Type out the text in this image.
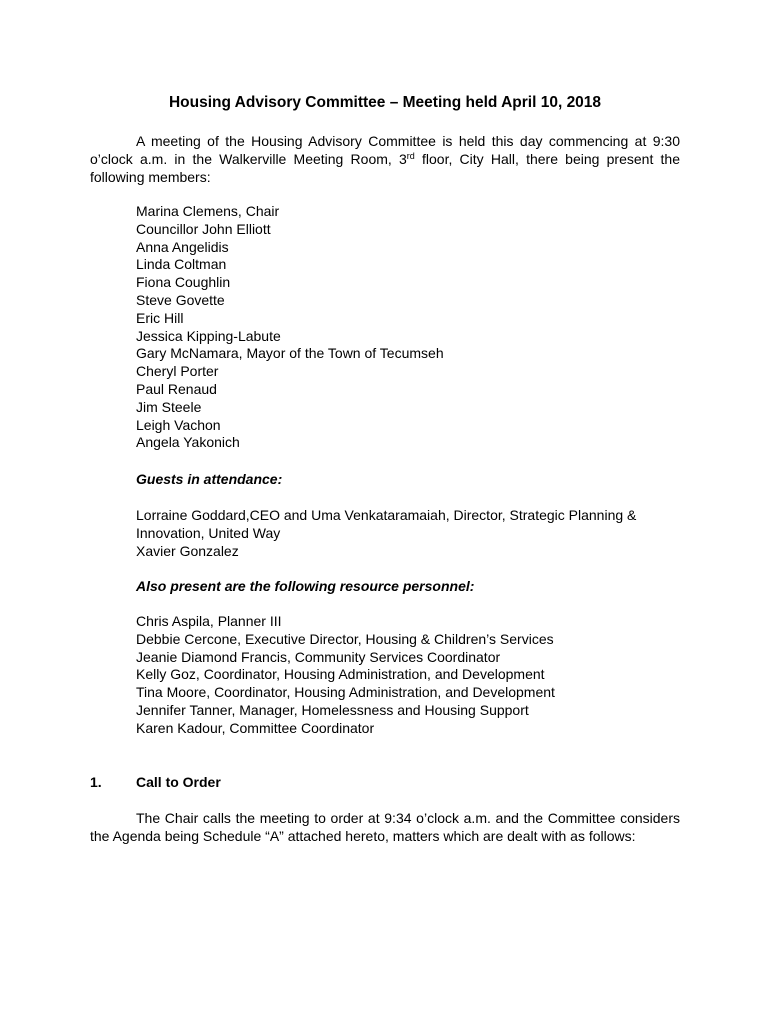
Housing Advisory Committee – Meeting held April 10, 2018
A meeting of the Housing Advisory Committee is held this day commencing at 9:30 o’clock a.m. in the Walkerville Meeting Room, 3rd floor, City Hall, there being present the following members:
Marina Clemens, Chair
Councillor John Elliott
Anna Angelidis
Linda Coltman
Fiona Coughlin
Steve Govette
Eric Hill
Jessica Kipping-Labute
Gary McNamara, Mayor of the Town of Tecumseh
Cheryl Porter
Paul Renaud
Jim Steele
Leigh Vachon
Angela Yakonich
Guests in attendance:
Lorraine Goddard,CEO and Uma Venkataramaiah, Director, Strategic Planning & Innovation, United Way
Xavier Gonzalez
Also present are the following resource personnel:
Chris Aspila, Planner III
Debbie Cercone, Executive Director, Housing & Children’s Services
Jeanie Diamond Francis, Community Services Coordinator
Kelly Goz, Coordinator, Housing Administration, and Development
Tina Moore, Coordinator, Housing Administration, and Development
Jennifer Tanner, Manager, Homelessness and Housing Support
Karen Kadour, Committee Coordinator
1. Call to Order
The Chair calls the meeting to order at 9:34 o’clock a.m. and the Committee considers the Agenda being Schedule “A” attached hereto, matters which are dealt with as follows:
